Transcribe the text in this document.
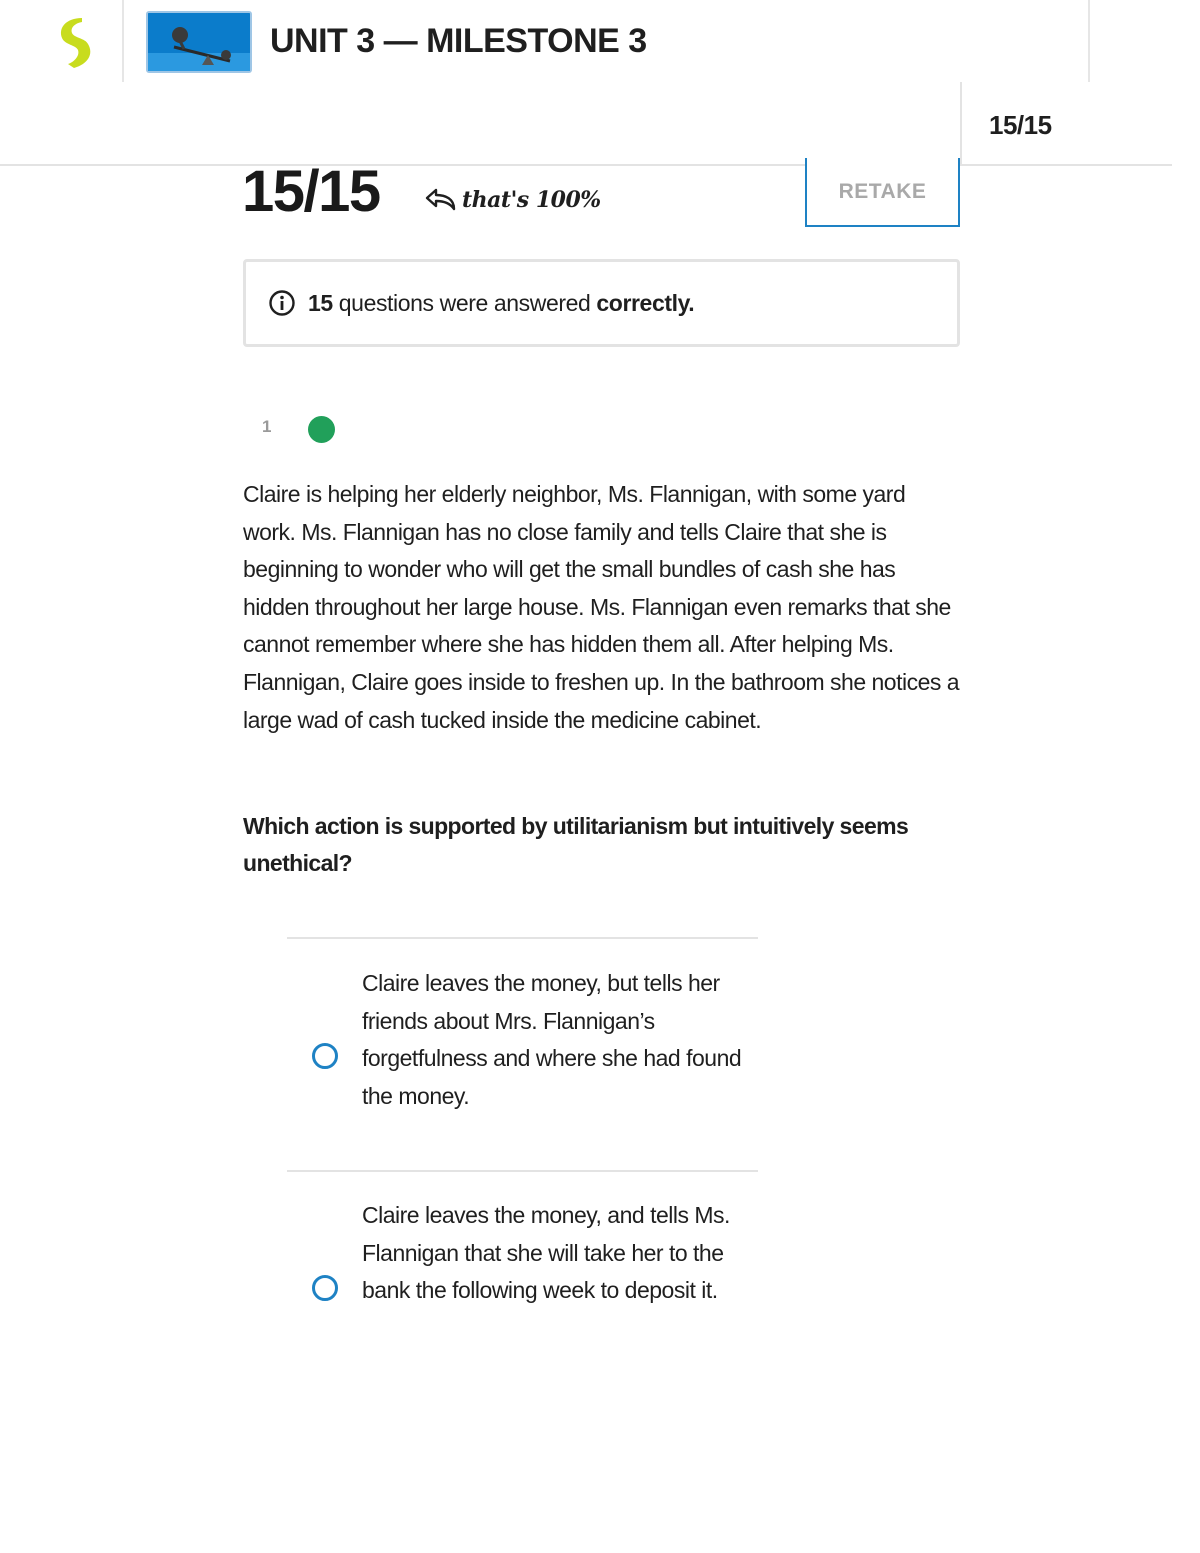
UNIT 3 — MILESTONE 3
15/15
15/15	that's 100%	RETAKE
15 questions were answered correctly.
1

Claire is helping her elderly neighbor, Ms. Flannigan, with some yard work. Ms. Flannigan has no close family and tells Claire that she is beginning to wonder who will get the small bundles of cash she has hidden throughout her large house. Ms. Flannigan even remarks that she cannot remember where she has hidden them all. After helping Ms. Flannigan, Claire goes inside to freshen up. In the bathroom she notices a large wad of cash tucked inside the medicine cabinet.

Which action is supported by utilitarianism but intuitively seems unethical?

Claire leaves the money, but tells her friends about Mrs. Flannigan’s forgetfulness and where she had found the money.
Claire leaves the money, and tells Ms. Flannigan that she will take her to the bank the following week to deposit it.
